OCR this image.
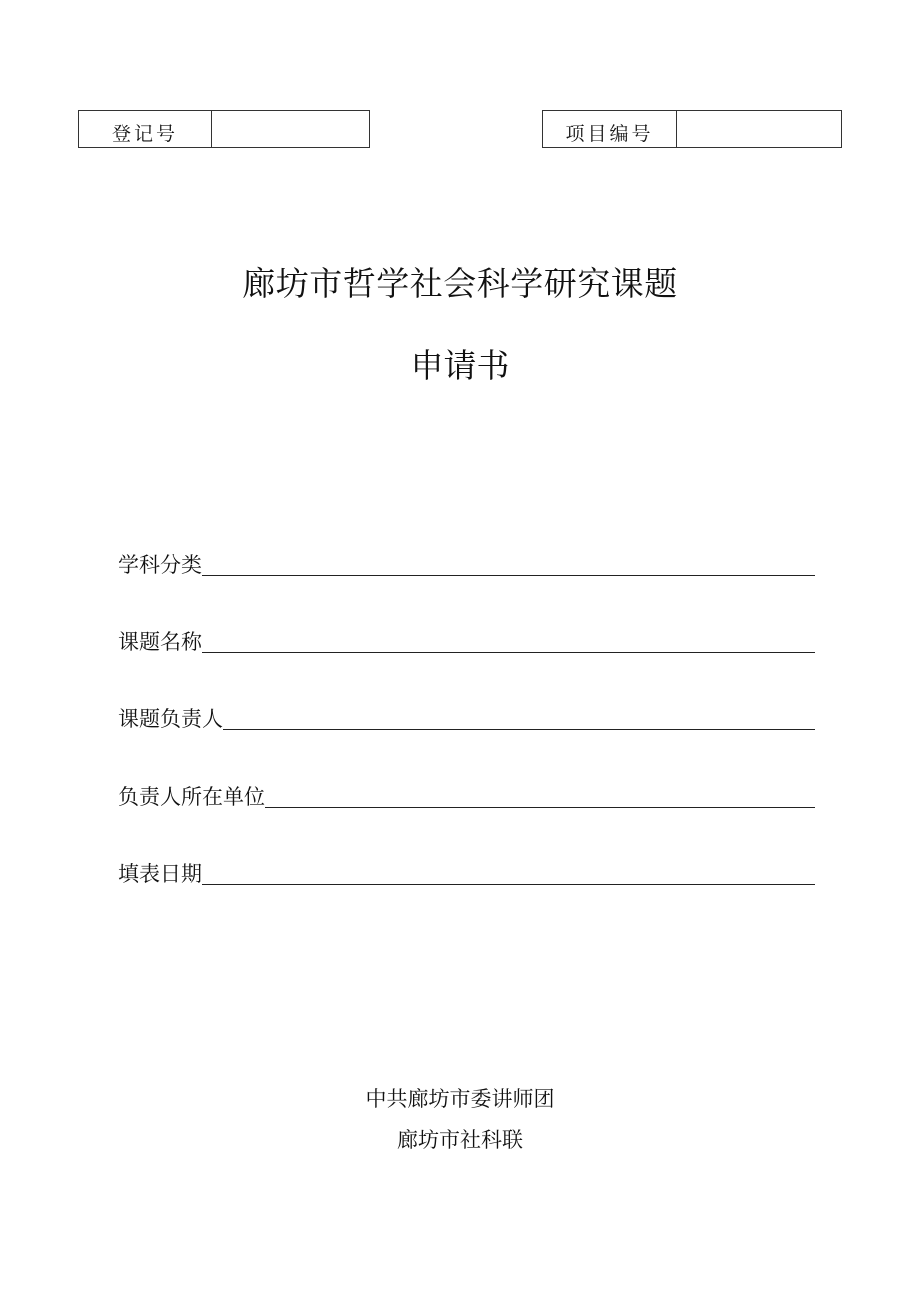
登记号	项目编号
廊坊市哲学社会科学研究课题
申请书
学科分类
课题名称
课题负责人
负责人所在单位
填表日期
中共廊坊市委讲师团
廊坊市社科联
